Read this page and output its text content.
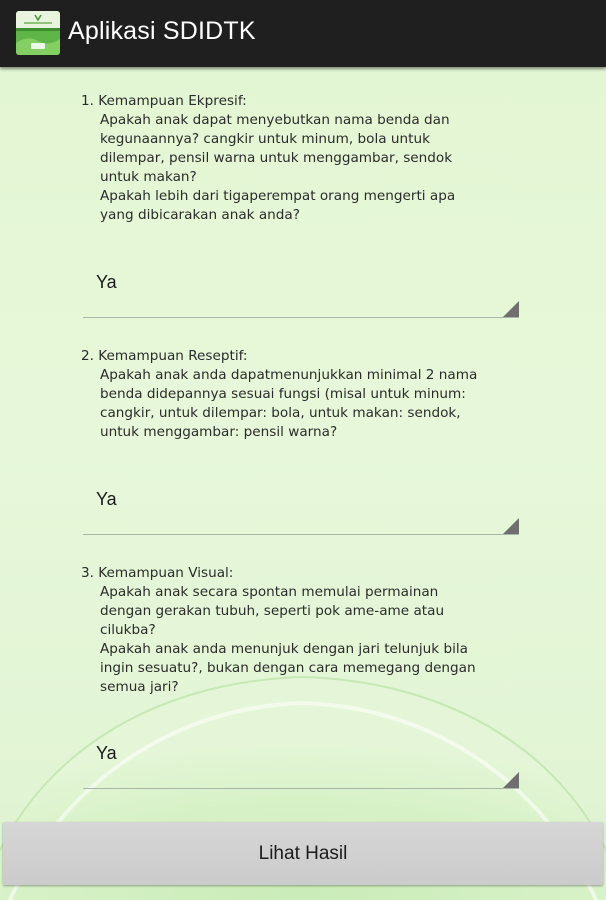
Aplikasi SDIDTK
1. Kemampuan Ekpresif:
Apakah anak dapat menyebutkan nama benda dan
kegunaannya? cangkir untuk minum, bola untuk
dilempar, pensil warna untuk menggambar, sendok
untuk makan?
Apakah lebih dari tigaperempat orang mengerti apa
yang dibicarakan anak anda?
Ya
2. Kemampuan Reseptif:
Apakah anak anda dapatmenunjukkan minimal 2 nama
benda didepannya sesuai fungsi (misal untuk minum:
cangkir, untuk dilempar: bola, untuk makan: sendok,
untuk menggambar: pensil warna?
Ya
3. Kemampuan Visual:
Apakah anak secara spontan memulai permainan
dengan gerakan tubuh, seperti pok ame-ame atau
cilukba?
Apakah anak anda menunjuk dengan jari telunjuk bila
ingin sesuatu?, bukan dengan cara memegang dengan
semua jari?
Ya
Lihat Hasil
